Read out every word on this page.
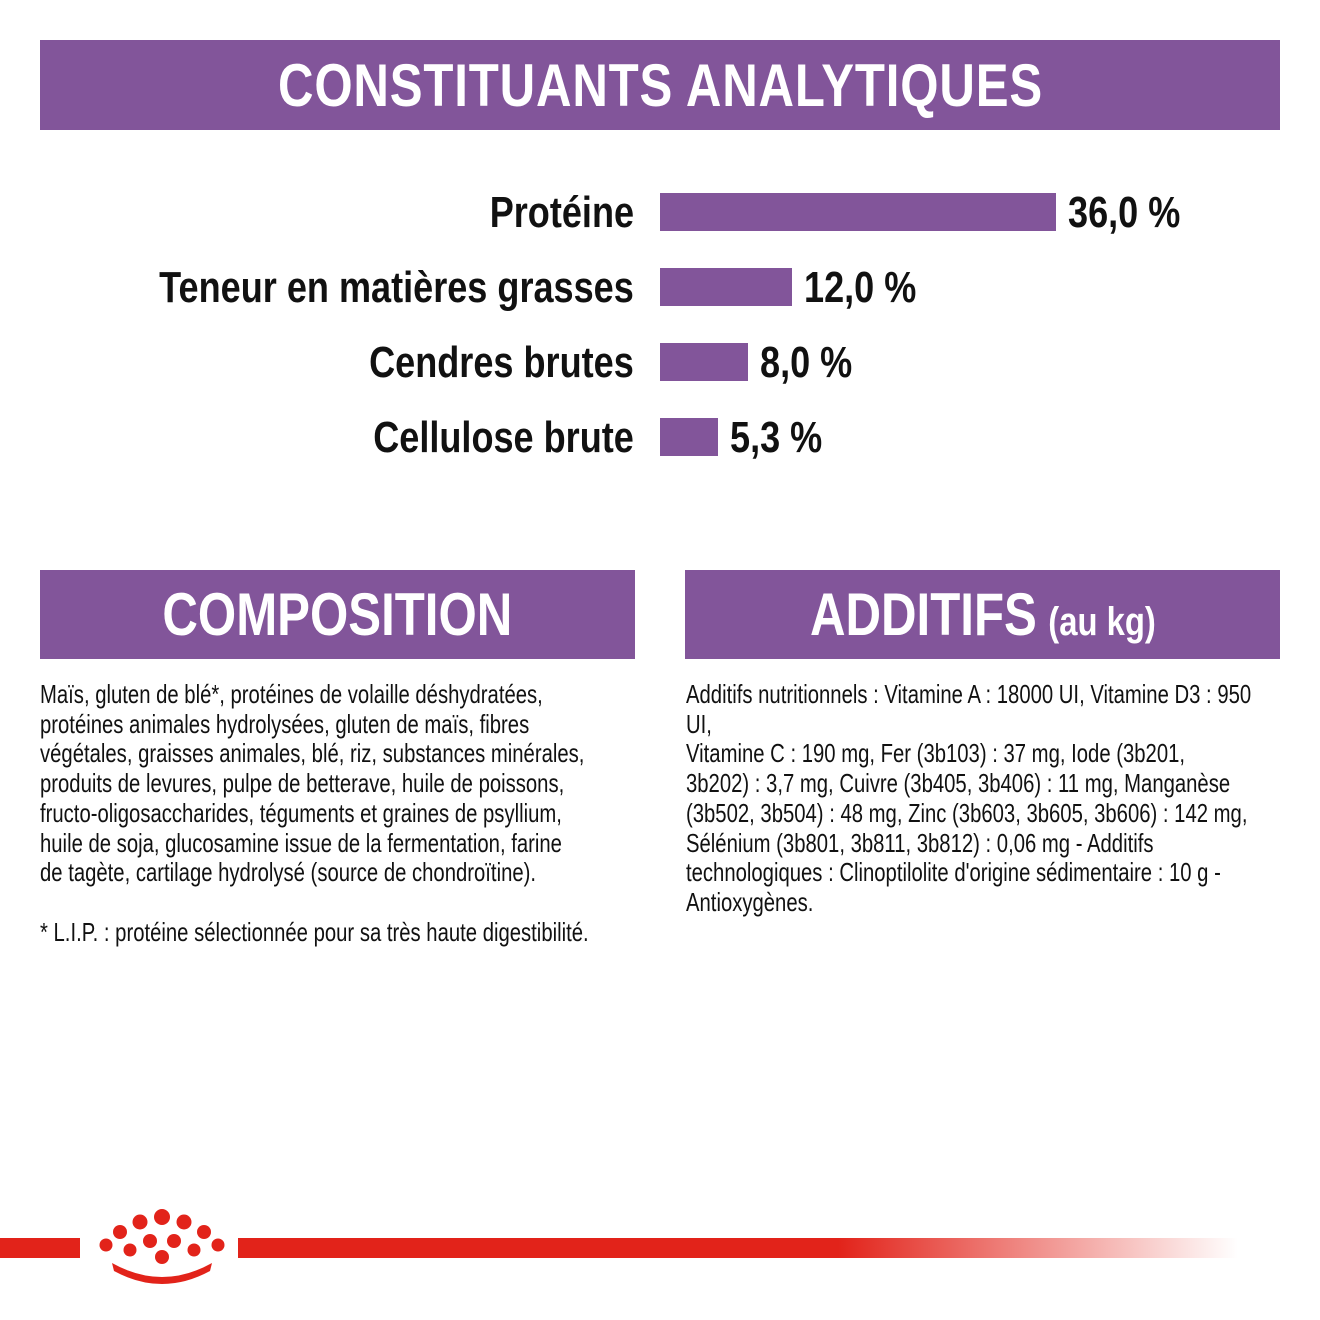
CONSTITUANTS ANALYTIQUES
Protéine	36,0 %
Teneur en matières grasses	12,0 %
Cendres brutes	8,0 %
Cellulose brute 5,3 %
COMPOSITION	ADDITIFS (au kg)
Maïs, gluten de blé*, protéines de volaille déshydratées,
protéines animales hydrolysées, gluten de maïs, fibres
végétales, graisses animales, blé, riz, substances minérales,
produits de levures, pulpe de betterave, huile de poissons,
fructo-oligosaccharides, téguments et graines de psyllium,
huile de soja, glucosamine issue de la fermentation, farine
de tagète, cartilage hydrolysé (source de chondroïtine).
* L.I.P. : protéine sélectionnée pour sa très haute digestibilité.
Additifs nutritionnels : Vitamine A : 18000 UI, Vitamine D3 : 950 UI,
Vitamine C : 190 mg, Fer (3b103) : 37 mg, Iode (3b201,
3b202) : 3,7 mg, Cuivre (3b405, 3b406) : 11 mg, Manganèse
(3b502, 3b504) : 48 mg, Zinc (3b603, 3b605, 3b606) : 142 mg,
Sélénium (3b801, 3b811, 3b812) : 0,06 mg - Additifs
technologiques : Clinoptilolite d'origine sédimentaire : 10 g -
Antioxygènes.
